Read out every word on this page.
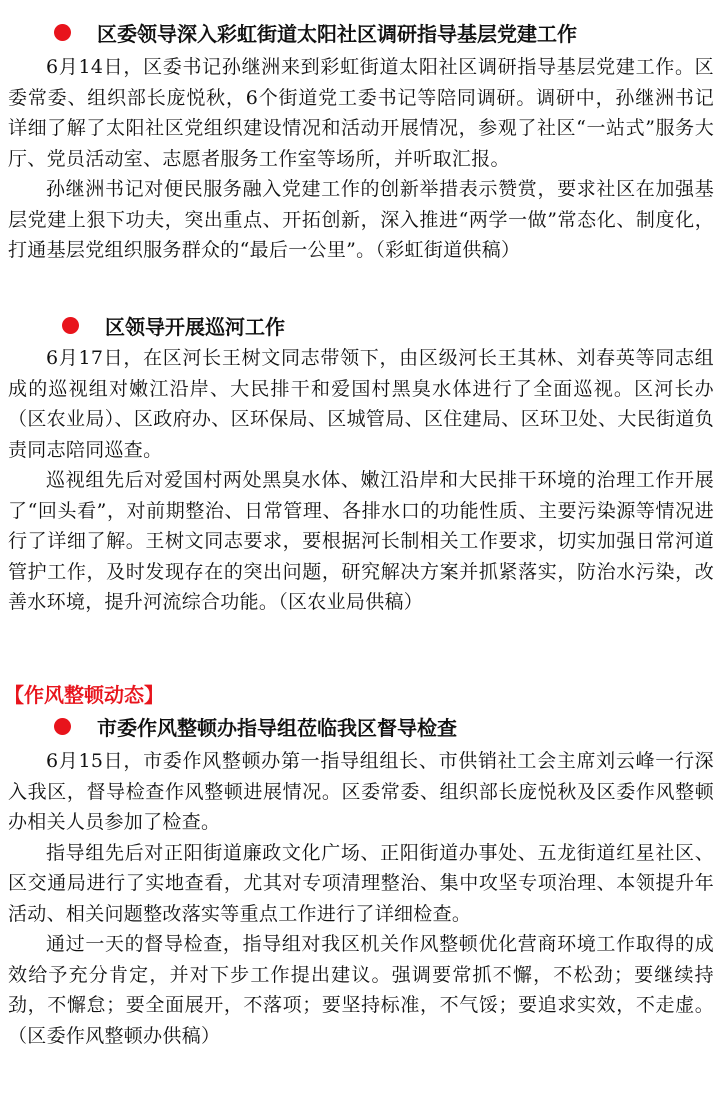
区委领导深入彩虹街道太阳社区调研指导基层党建工作

6月14日，区委书记孙继洲来到彩虹街道太阳社区调研指导基层党建工作。区委常委、组织部长庞悦秋，6个街道党工委书记等陪同调研。调研中，孙继洲书记详细了解了太阳社区党组织建设情况和活动开展情况，参观了社区“一站式”服务大厅、党员活动室、志愿者服务工作室等场所，并听取汇报。

孙继洲书记对便民服务融入党建工作的创新举措表示赞赏，要求社区在加强基层党建上狠下功夫，突出重点、开拓创新，深入推进“两学一做”常态化、制度化，打通基层党组织服务群众的“最后一公里”。（彩虹街道供稿）

区领导开展巡河工作

6月17日，在区河长王树文同志带领下，由区级河长王其林、刘春英等同志组成的巡视组对嫩江沿岸、大民排干和爱国村黑臭水体进行了全面巡视。区河长办（区农业局）、区政府办、区环保局、区城管局、区住建局、区环卫处、大民街道负责同志陪同巡查。

巡视组先后对爱国村两处黑臭水体、嫩江沿岸和大民排干环境的治理工作开展了“回头看”，对前期整治、日常管理、各排水口的功能性质、主要污染源等情况进行了详细了解。王树文同志要求，要根据河长制相关工作要求，切实加强日常河道管护工作，及时发现存在的突出问题，研究解决方案并抓紧落实，防治水污染，改善水环境，提升河流综合功能。（区农业局供稿）

【作风整顿动态】
市委作风整顿办指导组莅临我区督导检查

6月15日，市委作风整顿办第一指导组组长、市供销社工会主席刘云峰一行深入我区，督导检查作风整顿进展情况。区委常委、组织部长庞悦秋及区委作风整顿办相关人员参加了检查。

指导组先后对正阳街道廉政文化广场、正阳街道办事处、五龙街道红星社区、区交通局进行了实地查看，尤其对专项清理整治、集中攻坚专项治理、本领提升年活动、相关问题整改落实等重点工作进行了详细检查。

通过一天的督导检查，指导组对我区机关作风整顿优化营商环境工作取得的成效给予充分肯定，并对下步工作提出建议。强调要常抓不懈，不松劲；要继续持劲，不懈怠；要全面展开，不落项；要坚持标准，不气馁；要追求实效，不走虚。（区委作风整顿办供稿）
